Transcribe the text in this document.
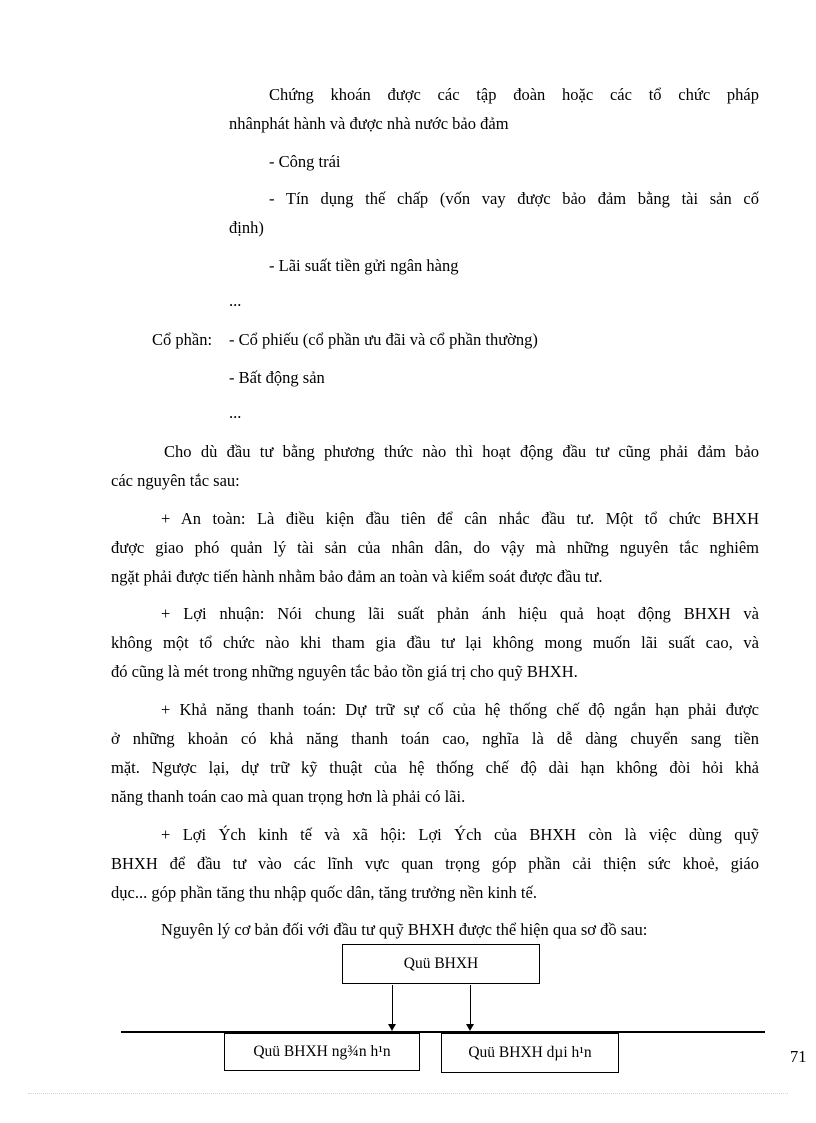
Chứng khoán được các tập đoàn hoặc các tổ chức pháp
nhânphát hành và được nhà nước bảo đảm
- Công trái
- Tín dụng thế chấp (vốn vay được bảo đảm bằng tài sản cố
định)
- Lãi suất tiền gửi ngân hàng
...
Cổ phần: - Cổ phiếu (cổ phần ưu đãi và cổ phần thường)
- Bất động sản
...
Cho dù đầu tư bằng phương thức nào thì hoạt động đầu tư cũng phải đảm bảo
các nguyên tắc sau:
+ An toàn: Là điều kiện đầu tiên để cân nhắc đầu tư. Một tổ chức BHXH
được giao phó quản lý tài sản của nhân dân, do vậy mà những nguyên tắc nghiêm
ngặt phải được tiến hành nhằm bảo đảm an toàn và kiểm soát được đầu tư.
+ Lợi nhuận: Nói chung lãi suất phản ánh hiệu quả hoạt động BHXH và
không một tổ chức nào khi tham gia đầu tư lại không mong muốn lãi suất cao, và
đó cũng là mét trong những nguyên tắc bảo tồn giá trị cho quỹ BHXH.
+ Khả năng thanh toán: Dự trữ sự cố của hệ thống chế độ ngắn hạn phải được
ở những khoản có khả năng thanh toán cao, nghĩa là dễ dàng chuyển sang tiền
mặt. Ngược lại, dự trữ kỹ thuật của hệ thống chế độ dài hạn không đòi hỏi khả
năng thanh toán cao mà quan trọng hơn là phải có lãi.
+ Lợi Ých kinh tế và xã hội: Lợi Ých của BHXH còn là việc dùng quỹ
BHXH để đầu tư vào các lĩnh vực quan trọng góp phần cải thiện sức khoẻ, giáo
dục... góp phần tăng thu nhập quốc dân, tăng trưởng nền kinh tế.
Nguyên lý cơ bản đối với đầu tư quỹ BHXH được thể hiện qua sơ đồ sau:
Quü BHXH
Quü BHXH ng¾n h¹n	Quü BHXH dµi h¹n	71
